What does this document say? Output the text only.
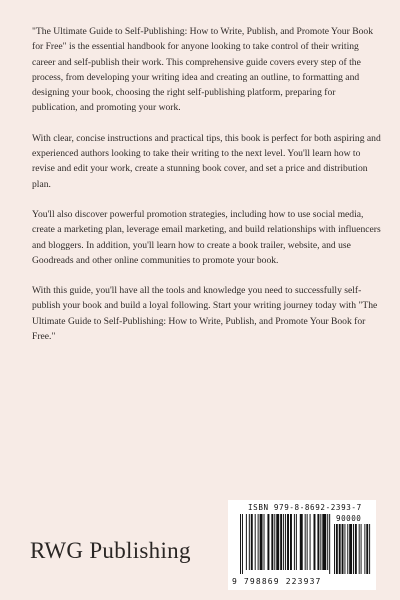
"The Ultimate Guide to Self-Publishing: How to Write, Publish, and Promote Your Book for Free" is the essential handbook for anyone looking to take control of their writing career and self-publish their work. This comprehensive guide covers every step of the process, from developing your writing idea and creating an outline, to formatting and designing your book, choosing the right self-publishing platform, preparing for publication, and promoting your work.

With clear, concise instructions and practical tips, this book is perfect for both aspiring and experienced authors looking to take their writing to the next level. You'll learn how to revise and edit your work, create a stunning book cover, and set a price and distribution plan.

You'll also discover powerful promotion strategies, including how to use social media, create a marketing plan, leverage email marketing, and build relationships with influencers and bloggers. In addition, you'll learn how to create a book trailer, website, and use Goodreads and other online communities to promote your book.

With this guide, you'll have all the tools and knowledge you need to successfully self-publish your book and build a loyal following. Start your writing journey today with "The Ultimate Guide to Self-Publishing: How to Write, Publish, and Promote Your Book for Free."

RWG Publishing
ISBN 979-8-8692-2393-7
90000
9 798869 223937
